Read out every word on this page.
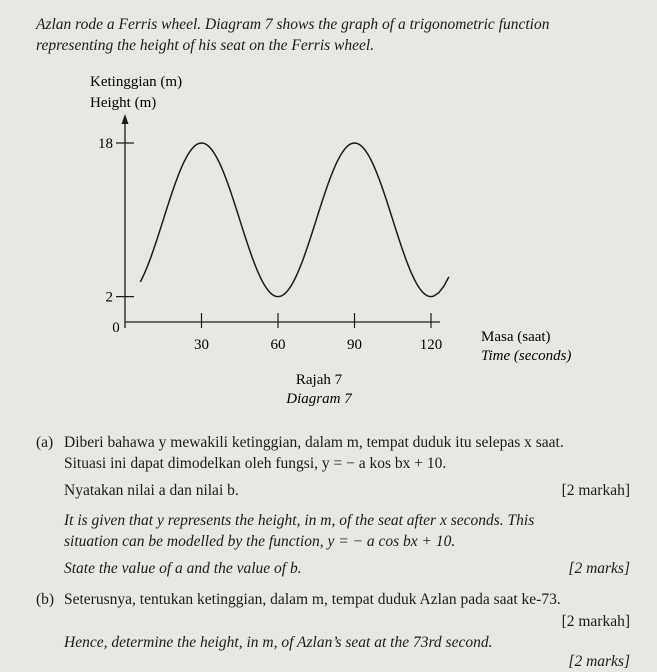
Azlan rode a Ferris wheel. Diagram 7 shows the graph of a trigonometric function

representing the height of his seat on the Ferris wheel.

Ketinggian (m)
Height (m)
2
18
30	60	90	120
0
Masa (saat)
Time (seconds)
Rajah 7
Diagram 7
(a) Diberi bahawa y mewakili ketinggian, dalam m, tempat duduk itu selepas x saat.
Situasi ini dapat dimodelkan oleh fungsi, y = − a kos bx + 10.
Nyatakan nilai a dan nilai b.	[2 markah]
It is given that y represents the height, in m, of the seat after x seconds. This
situation can be modelled by the function, y = − a cos bx + 10.
State the value of a and the value of b.	[2 marks]
(b) Seterusnya, tentukan ketinggian, dalam m, tempat duduk Azlan pada saat ke-73.
[2 markah]
Hence, determine the height, in m, of Azlan’s seat at the 73rd second.
[2 marks]
